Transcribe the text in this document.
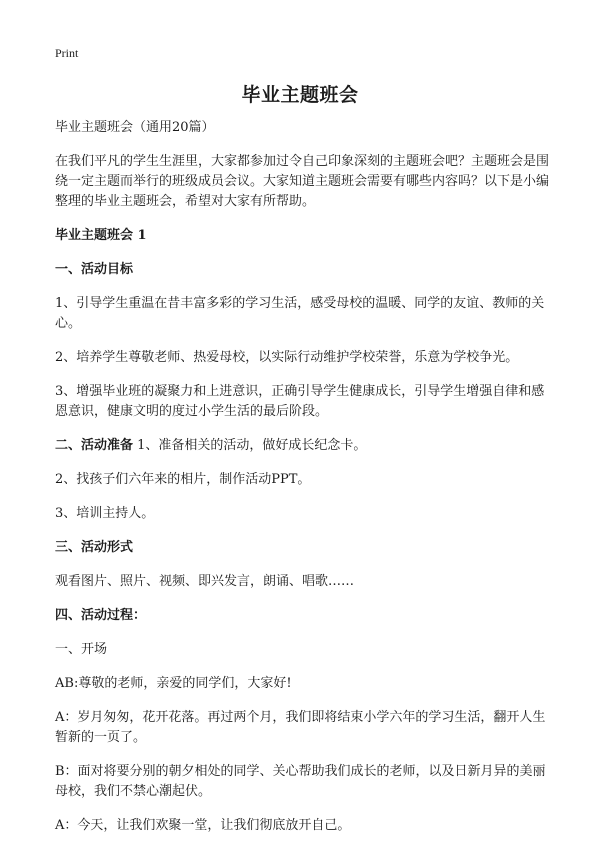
Print
毕业主题班会

毕业主题班会（通用20篇）

在我们平凡的学生生涯里，大家都参加过令自己印象深刻的主题班会吧？主题班会是围绕一定主题而举行的班级成员会议。大家知道主题班会需要有哪些内容吗？以下是小编整理的毕业主题班会，希望对大家有所帮助。

毕业主题班会 1

一、活动目标

1、引导学生重温在昔丰富多彩的学习生活，感受母校的温暖、同学的友谊、教师的关心。

2、培养学生尊敬老师、热爱母校，以实际行动维护学校荣誉，乐意为学校争光。

3、增强毕业班的凝聚力和上进意识，正确引导学生健康成长，引导学生增强自律和感恩意识，健康文明的度过小学生活的最后阶段。

二、活动准备 1、准备相关的活动，做好成长纪念卡。

2、找孩子们六年来的相片，制作活动PPT。

3、培训主持人。

三、活动形式

观看图片、照片、视频、即兴发言，朗诵、唱歌……

四、活动过程：

一、开场

AB:尊敬的老师，亲爱的同学们，大家好!

A：岁月匆匆，花开花落。再过两个月，我们即将结束小学六年的学习生活，翻开人生暂新的一页了。

B：面对将要分别的朝夕相处的同学、关心帮助我们成长的老师，以及日新月异的美丽母校，我们不禁心潮起伏。

A：今天，让我们欢聚一堂，让我们彻底放开自己。
